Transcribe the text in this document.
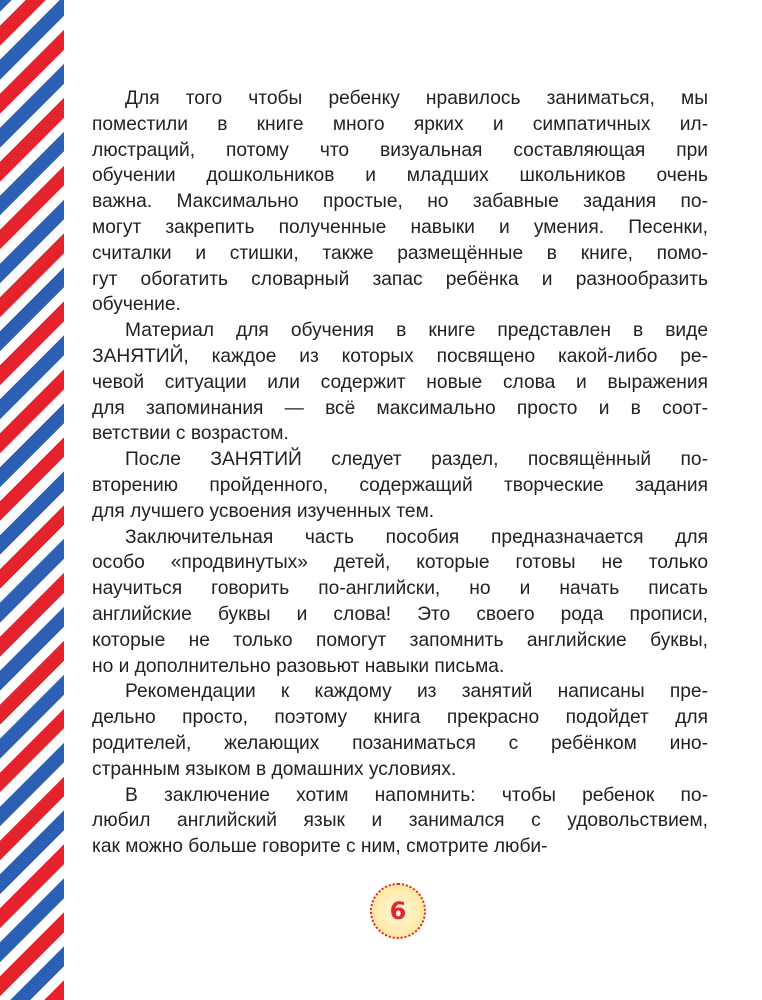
Для того чтобы ребенку нравилось заниматься, мы
поместили в книге много ярких и симпатичных ил-
люстраций, потому что визуальная составляющая при
обучении дошкольников и младших школьников очень
важна. Максимально простые, но забавные задания по-
могут закрепить полученные навыки и умения. Песенки,
считалки и стишки, также размещённые в книге, помо-
гут обогатить словарный запас ребёнка и разнообразить
обучение.
Материал для обучения в книге представлен в виде
ЗАНЯТИЙ, каждое из которых посвящено какой-либо ре-
чевой ситуации или содержит новые слова и выражения
для запоминания — всё максимально просто и в соот-
ветствии с возрастом.
После ЗАНЯТИЙ следует раздел, посвящённый по-
вторению пройденного, содержащий творческие задания
для лучшего усвоения изученных тем.
Заключительная часть пособия предназначается для
особо «продвинутых» детей, которые готовы не только
научиться говорить по-английски, но и начать писать
английские буквы и слова! Это своего рода прописи,
которые не только помогут запомнить английские буквы,
но и дополнительно разовьют навыки письма.
Рекомендации к каждому из занятий написаны пре-
дельно просто, поэтому книга прекрасно подойдет для
родителей, желающих позаниматься с ребёнком ино-
странным языком в домашних условиях.
В заключение хотим напомнить: чтобы ребенок по-
любил английский язык и занимался с удовольствием,
как можно больше говорите с ним, смотрите люби-
6
